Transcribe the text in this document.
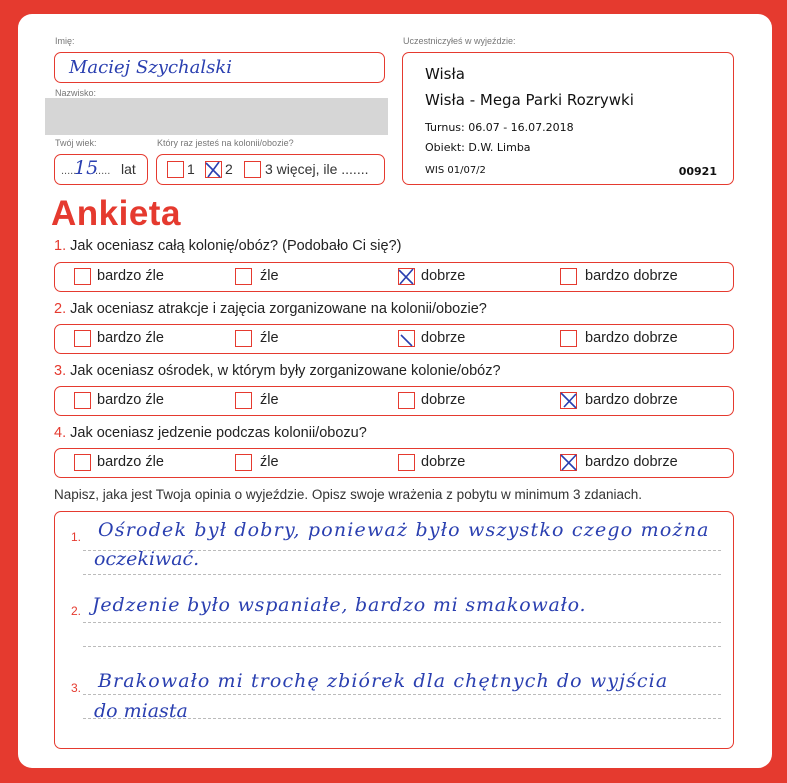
Imię:
Maciej Szychalski
Nazwisko:
Twój wiek:
......
15
..... lat
Który raz jesteś na kolonii/obozie?
1 2 3 więcej, ile .......
Uczestniczyłeś w wyjeździe:
Wisła
Wisła - Mega Parki Rozrywki
Turnus: 06.07 - 16.07.2018
Obiekt: D.W. Limba
WIS 01/07/2	00921
Ankieta
1. Jak oceniasz całą kolonię/obóz? (Podobało Ci się?)
bardzo źle	źle	dobrze	bardzo dobrze
2. Jak oceniasz atrakcje i zajęcia zorganizowane na kolonii/obozie?
bardzo źle	źle	dobrze	bardzo dobrze
3. Jak oceniasz ośrodek, w którym były zorganizowane kolonie/obóz?
bardzo źle	źle	dobrze	bardzo dobrze
4. Jak oceniasz jedzenie podczas kolonii/obozu?
bardzo źle	źle	dobrze	bardzo dobrze
Napisz, jaka jest Twoja opinia o wyjeździe. Opisz swoje wrażenia z pobytu w minimum 3 zdaniach.
1. Ośrodek był dobry, ponieważ było wszystko czego można
oczekiwać.
2. Jedzenie było wspaniałe, bardzo mi smakowało.
3. Brakowało mi trochę zbiórek dla chętnych do wyjścia
do miasta
